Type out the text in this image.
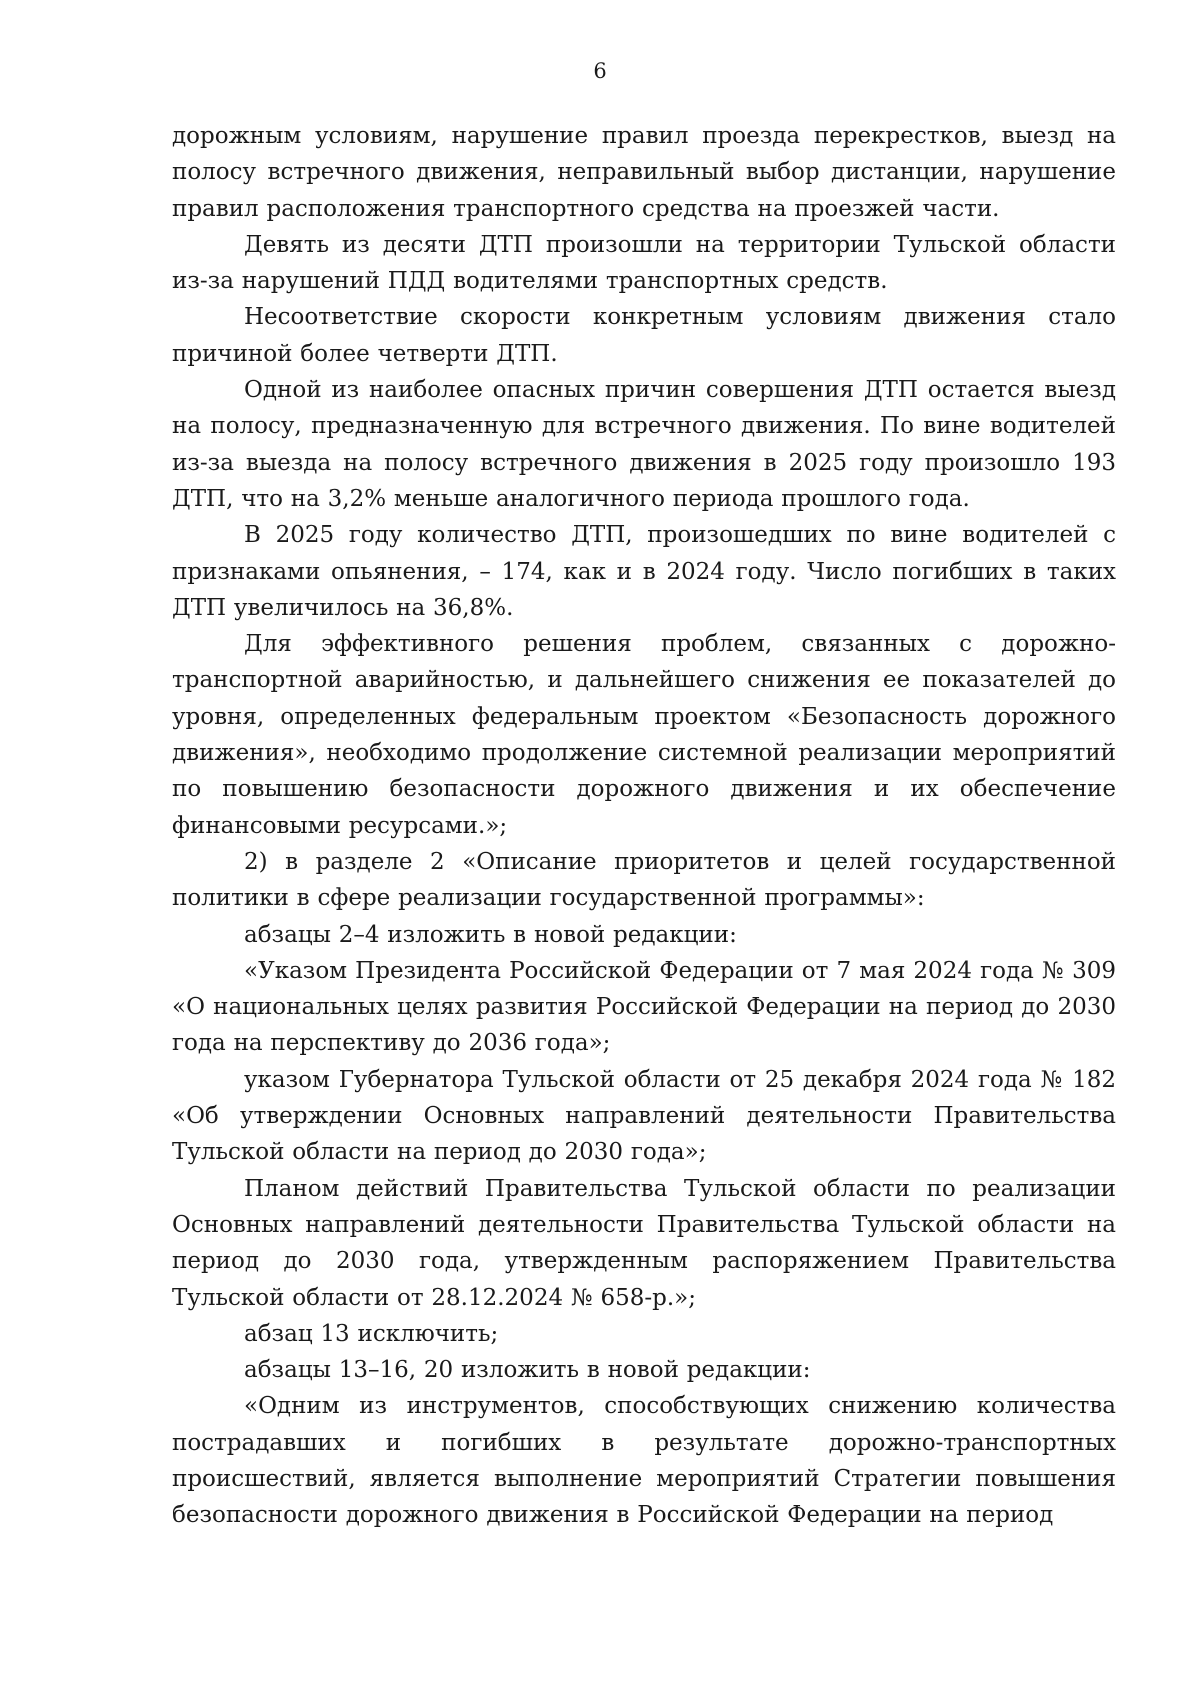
6

дорожным условиям, нарушение правил проезда перекрестков, выезд на полосу встречного движения, неправильный выбор дистанции, нарушение правил расположения транспортного средства на проезжей части.

Девять из десяти ДТП произошли на территории Тульской области из-за нарушений ПДД водителями транспортных средств.

Несоответствие скорости конкретным условиям движения стало причиной более четверти ДТП.

Одной из наиболее опасных причин совершения ДТП остается выезд на полосу, предназначенную для встречного движения. По вине водителей из-за выезда на полосу встречного движения в 2025 году произошло 193 ДТП, что на 3,2% меньше аналогичного периода прошлого года.

В 2025 году количество ДТП, произошедших по вине водителей с признаками опьянения, – 174, как и в 2024 году. Число погибших в таких ДТП увеличилось на 36,8%.

Для эффективного решения проблем, связанных с дорожно-транспортной аварийностью, и дальнейшего снижения ее показателей до уровня, определенных федеральным проектом «Безопасность дорожного движения», необходимо продолжение системной реализации мероприятий по повышению безопасности дорожного движения и их обеспечение финансовыми ресурсами.»;

2) в разделе 2 «Описание приоритетов и целей государственной политики в сфере реализации государственной программы»:

абзацы 2–4 изложить в новой редакции:

«Указом Президента Российской Федерации от 7 мая 2024 года № 309 «О национальных целях развития Российской Федерации на период до 2030 года на перспективу до 2036 года»;

указом Губернатора Тульской области от 25 декабря 2024 года № 182 «Об утверждении Основных направлений деятельности Правительства Тульской области на период до 2030 года»;

Планом действий Правительства Тульской области по реализации Основных направлений деятельности Правительства Тульской области на период до 2030 года, утвержденным распоряжением Правительства Тульской области от 28.12.2024 № 658-р.»;

абзац 13 исключить;

абзацы 13–16, 20 изложить в новой редакции:

«Одним из инструментов, способствующих снижению количества пострадавших и погибших в результате дорожно-транспортных происшествий, является выполнение мероприятий Стратегии повышения безопасности дорожного движения в Российской Федерации на период
